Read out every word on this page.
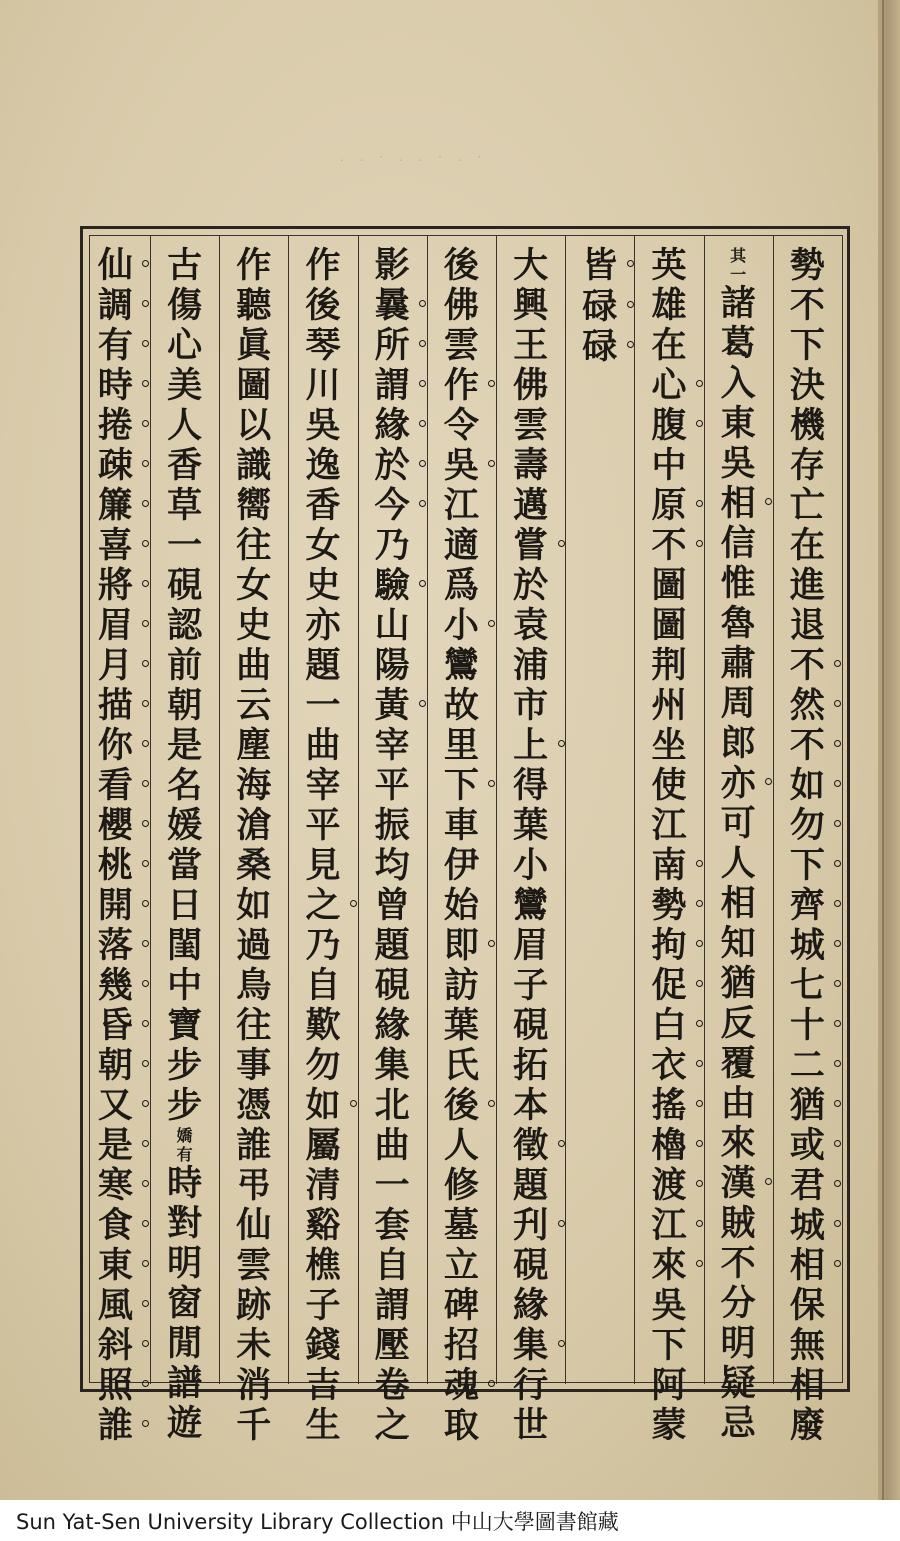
. . · . . · . ·
勢
不
下
決
機
存
亡
在
進
退
不
然
不
如
勿
下
齊
城
七
十
二
猶
或
君
城
相
保
無
相
廢
其
一
諸
葛
入
東
吳
相
信
惟
魯
肅
周
郎
亦
可
人
相
知
猶
反
覆
由
來
漢
賊
不
分
明
疑
忌
英
雄
在
心
腹
中
原
不
圖
圖
荆
州
坐
使
江
南
勢
拘
促
白
衣
搖
櫓
渡
江
來
吳
下
阿
蒙
皆
碌
碌
大
興
王
佛
雲
壽
邁
嘗
於
袁
浦
市
上
得
葉
小
鸞
眉
子
硯
拓
本
徵
題
刋
硯
緣
集
行
世
後
佛
雲
作
令
吳
江
適
爲
小
鸞
故
里
下
車
伊
始
即
訪
葉
氏
後
人
修
墓
立
碑
招
魂
取
影
曩
所
謂
緣
於
今
乃
驗
山
陽
黃
宰
平
振
均
曾
題
硯
緣
集
北
曲
一
套
自
謂
壓
卷
之
作
後
琴
川
吳
逸
香
女
史
亦
題
一
曲
宰
平
見
之
乃
自
歎
勿
如
屬
清
谿
樵
子
錢
吉
生
作
聽
眞
圖
以
識
嚮
往
女
史
曲
云
塵
海
滄
桑
如
過
鳥
往
事
憑
誰
弔
仙
雲
跡
未
消
千
古
傷
心
美
人
香
草
一
硯
認
前
朝
是
名
媛
當
日
閨
中
寶
步
步
嬌
有
時
對
明
窗
閒
譜
遊
仙
調
有
時
捲
疎
簾
喜
將
眉
月
描
你
看
櫻
桃
開
落
幾
昏
朝
又
是
寒
食
東
風
斜
照
誰
Sun Yat-Sen University Library Collection 中山大學圖書館藏
